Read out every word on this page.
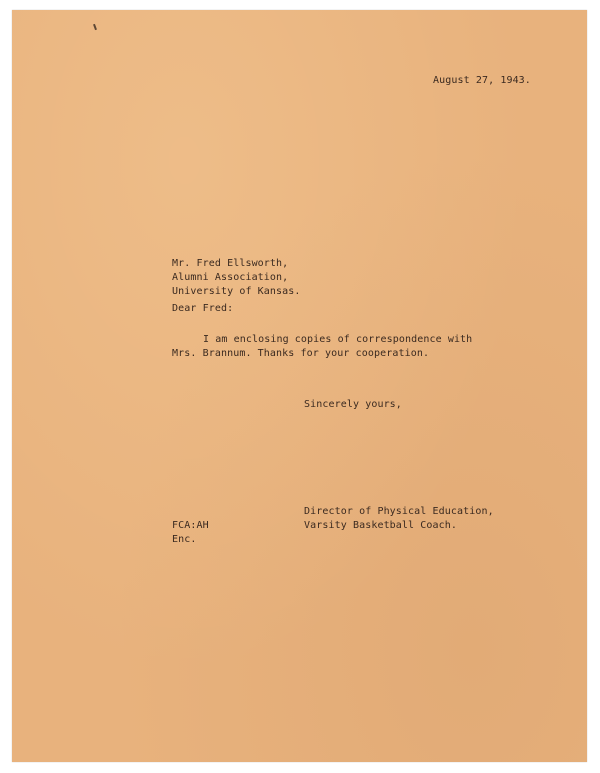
August 27, 1943.

Mr. Fred Ellsworth,
Alumni Association,
University of Kansas.

Dear Fred:

I am enclosing copies of correspondence with
Mrs. Brannum. Thanks for your cooperation.

Sincerely yours,

Director of Physical Education,
Varsity Basketball Coach.
FCA:AH
Enc.
